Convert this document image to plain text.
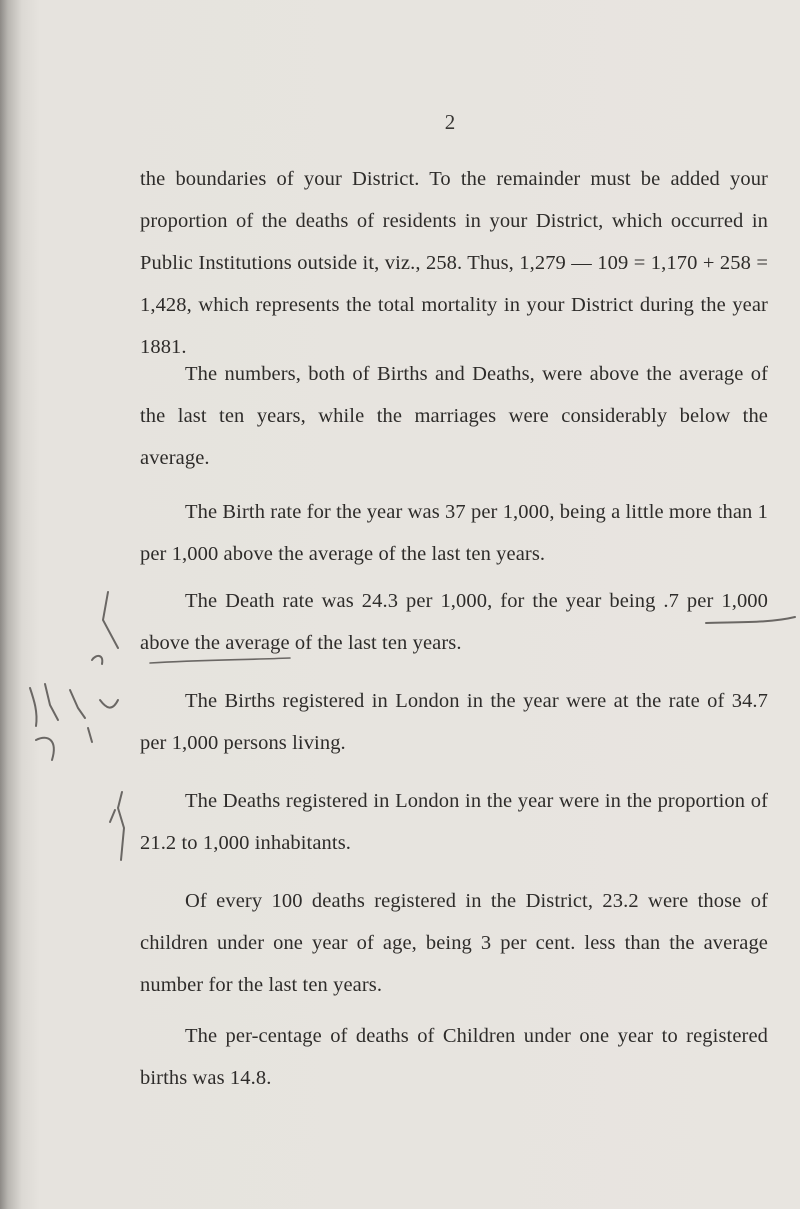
2

the boundaries of your District. To the remainder must be added your proportion of the deaths of residents in your District, which occurred in Public Institutions outside it, viz., 258. Thus, 1,279 — 109 = 1,170 + 258 = 1,428, which represents the total mortality in your District during the year 1881.

The numbers, both of Births and Deaths, were above the average of the last ten years, while the marriages were considerably below the average.

The Birth rate for the year was 37 per 1,000, being a little more than 1 per 1,000 above the average of the last ten years.

The Death rate was 24.3 per 1,000, for the year being .7 per 1,000 above the average of the last ten years.

The Births registered in London in the year were at the rate of 34.7 per 1,000 persons living.

The Deaths registered in London in the year were in the proportion of 21.2 to 1,000 inhabitants.

Of every 100 deaths registered in the District, 23.2 were those of children under one year of age, being 3 per cent. less than the average number for the last ten years.

The per-centage of deaths of Children under one year to registered births was 14.8.
